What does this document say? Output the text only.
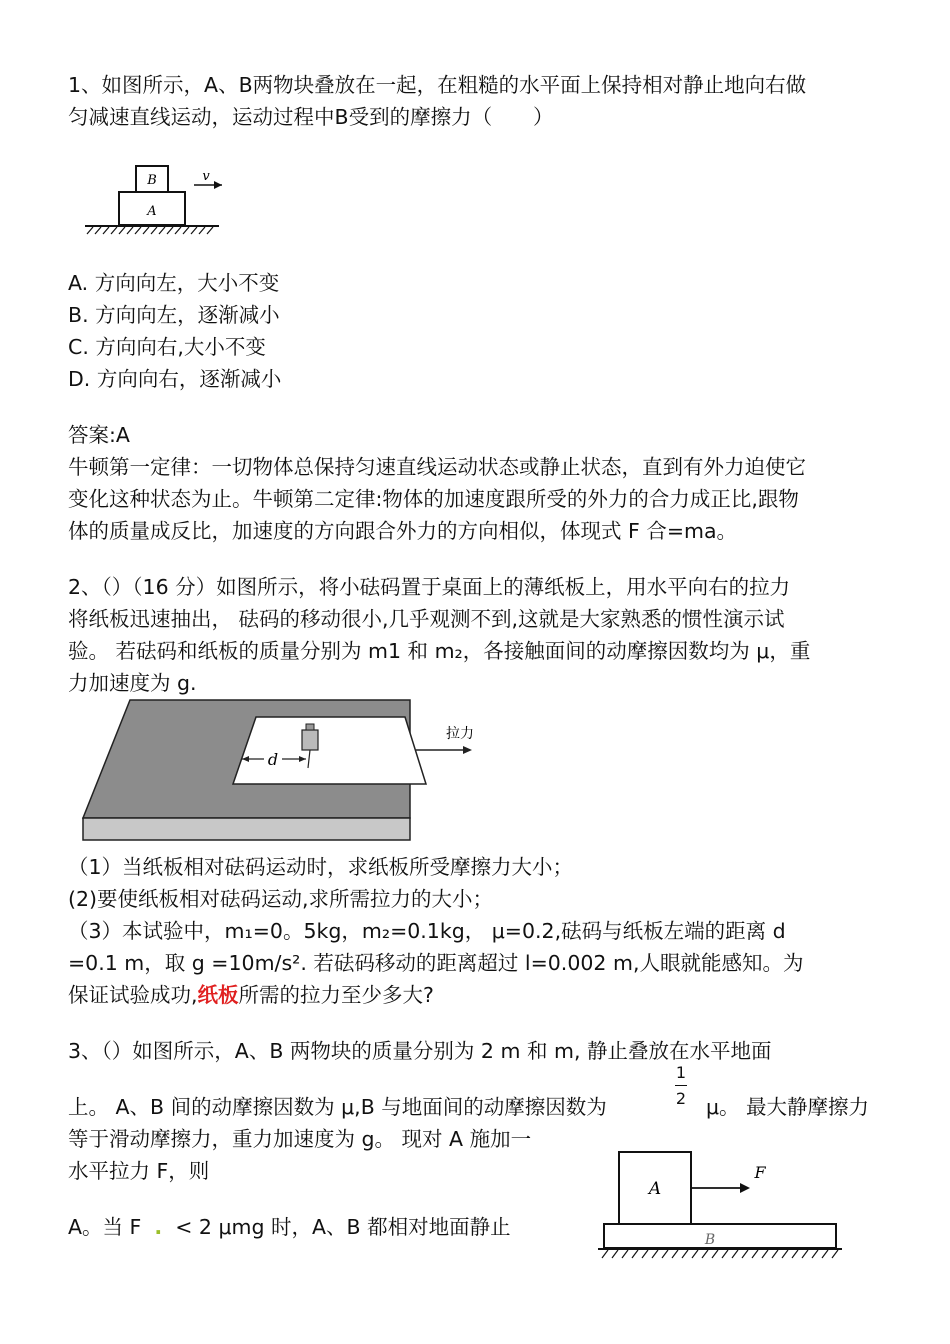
1、如图所示，A、B两物块叠放在一起，在粗糙的水平面上保持相对静止地向右做
匀减速直线运动，运动过程中B受到的摩擦力（　　）
B
A
v
A. 方向向左，大小不变
B. 方向向左，逐渐减小
C. 方向向右,大小不变
D. 方向向右，逐渐减小
答案:A
牛顿第一定律：一切物体总保持匀速直线运动状态或静止状态，直到有外力迫使它
变化这种状态为止。牛顿第二定律:物体的加速度跟所受的外力的合力成正比,跟物
体的质量成反比，加速度的方向跟合外力的方向相似，体现式 F 合=ma。
2、（）（16 分）如图所示，将小砝码置于桌面上的薄纸板上，用水平向右的拉力
将纸板迅速抽出， 砝码的移动很小,几乎观测不到,这就是大家熟悉的惯性演示试
验。 若砝码和纸板的质量分别为 m1 和 m₂，各接触面间的动摩擦因数均为 μ，重
力加速度为 g.
d
拉力
（1）当纸板相对砝码运动时，求纸板所受摩擦力大小；
(2)要使纸板相对砝码运动,求所需拉力的大小；
（3）本试验中，m₁=0。5kg，m₂=0.1kg， μ=0.2,砝码与纸板左端的距离 d
=0.1 m，取 g =10m/s². 若砝码移动的距离超过 l=0.002 m,人眼就能感知。为
保证试验成功,纸板所需的拉力至少多大?
3、（）如图所示，A、B 两物块的质量分别为 2 m 和 m, 静止叠放在水平地面
上。 A、B 间的动摩擦因数为 μ,B 与地面间的动摩擦因数为
1
2 μ。 最大静摩擦力
等于滑动摩擦力，重力加速度为 g。 现对 A 施加一
水平拉力 F，则
A。当 F . < 2 μmg 时，A、B 都相对地面静止
A
B
F
